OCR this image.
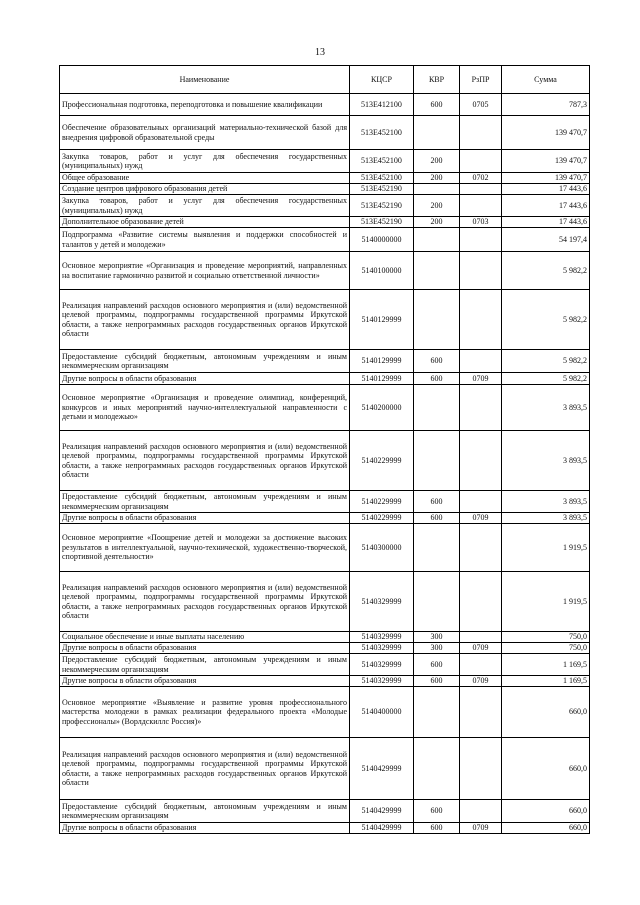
13
Наименование	КЦСР	КВР	РзПР	Сумма
Профессиональная подготовка, переподготовка и повышение квалификации	513Е412100	600	0705	787,3
Обеспечение образовательных организаций материально-технической базой для внедрения цифровой образовательной среды	513Е452100			139 470,7
Закупка товаров, работ и услуг для обеспечения государственных (муниципальных) нужд	513Е452100	200		139 470,7
Общее образование	513Е452100	200	0702	139 470,7
Создание центров цифрового образования детей	513Е452190			17 443,6
Закупка товаров, работ и услуг для обеспечения государственных (муниципальных) нужд	513Е452190	200		17 443,6
Дополнительное образование детей	513Е452190	200	0703	17 443,6
Подпрограмма «Развитие системы выявления и поддержки способностей и талантов у детей и молодежи»	5140000000			54 197,4
Основное мероприятие «Организация и проведение мероприятий, направленных на воспитание гармонично развитой и социально ответственной личности»	5140100000			5 982,2
Реализация направлений расходов основного мероприятия и (или) ведомственной целевой программы, подпрограммы государственной программы Иркутской области, а также непрограммных расходов государственных органов Иркутской области	5140129999			5 982,2
Предоставление субсидий бюджетным, автономным учреждениям и иным некоммерческим организациям	5140129999	600		5 982,2
Другие вопросы в области образования	5140129999	600	0709	5 982,2
Основное мероприятие «Организация и проведение олимпиад, конференций, конкурсов и иных мероприятий научно-интеллектуальной направленности с детьми и молодежью»	5140200000			3 893,5
Реализация направлений расходов основного мероприятия и (или) ведомственной целевой программы, подпрограммы государственной программы Иркутской области, а также непрограммных расходов государственных органов Иркутской области	5140229999			3 893,5
Предоставление субсидий бюджетным, автономным учреждениям и иным некоммерческим организациям	5140229999	600		3 893,5
Другие вопросы в области образования	5140229999	600	0709	3 893,5
Основное мероприятие «Поощрение детей и молодежи за достижение высоких результатов в интеллектуальной, научно-технической, художественно-творческой, спортивной деятельности»	5140300000			1 919,5
Реализация направлений расходов основного мероприятия и (или) ведомственной целевой программы, подпрограммы государственной программы Иркутской области, а также непрограммных расходов государственных органов Иркутской области	5140329999			1 919,5
Социальное обеспечение и иные выплаты населению	5140329999	300		750,0
Другие вопросы в области образования	5140329999	300	0709	750,0
Предоставление субсидий бюджетным, автономным учреждениям и иным некоммерческим организациям	5140329999	600		1 169,5
Другие вопросы в области образования	5140329999	600	0709	1 169,5
Основное мероприятие «Выявление и развитие уровня профессионального мастерства молодежи в рамках реализации федерального проекта «Молодые профессионалы» (Ворлдскиллс Россия)»	5140400000			660,0
Реализация направлений расходов основного мероприятия и (или) ведомственной целевой программы, подпрограммы государственной программы Иркутской области, а также непрограммных расходов государственных органов Иркутской области	5140429999			660,0
Предоставление субсидий бюджетным, автономным учреждениям и иным некоммерческим организациям	5140429999	600		660,0
Другие вопросы в области образования	5140429999	600	0709	660,0
